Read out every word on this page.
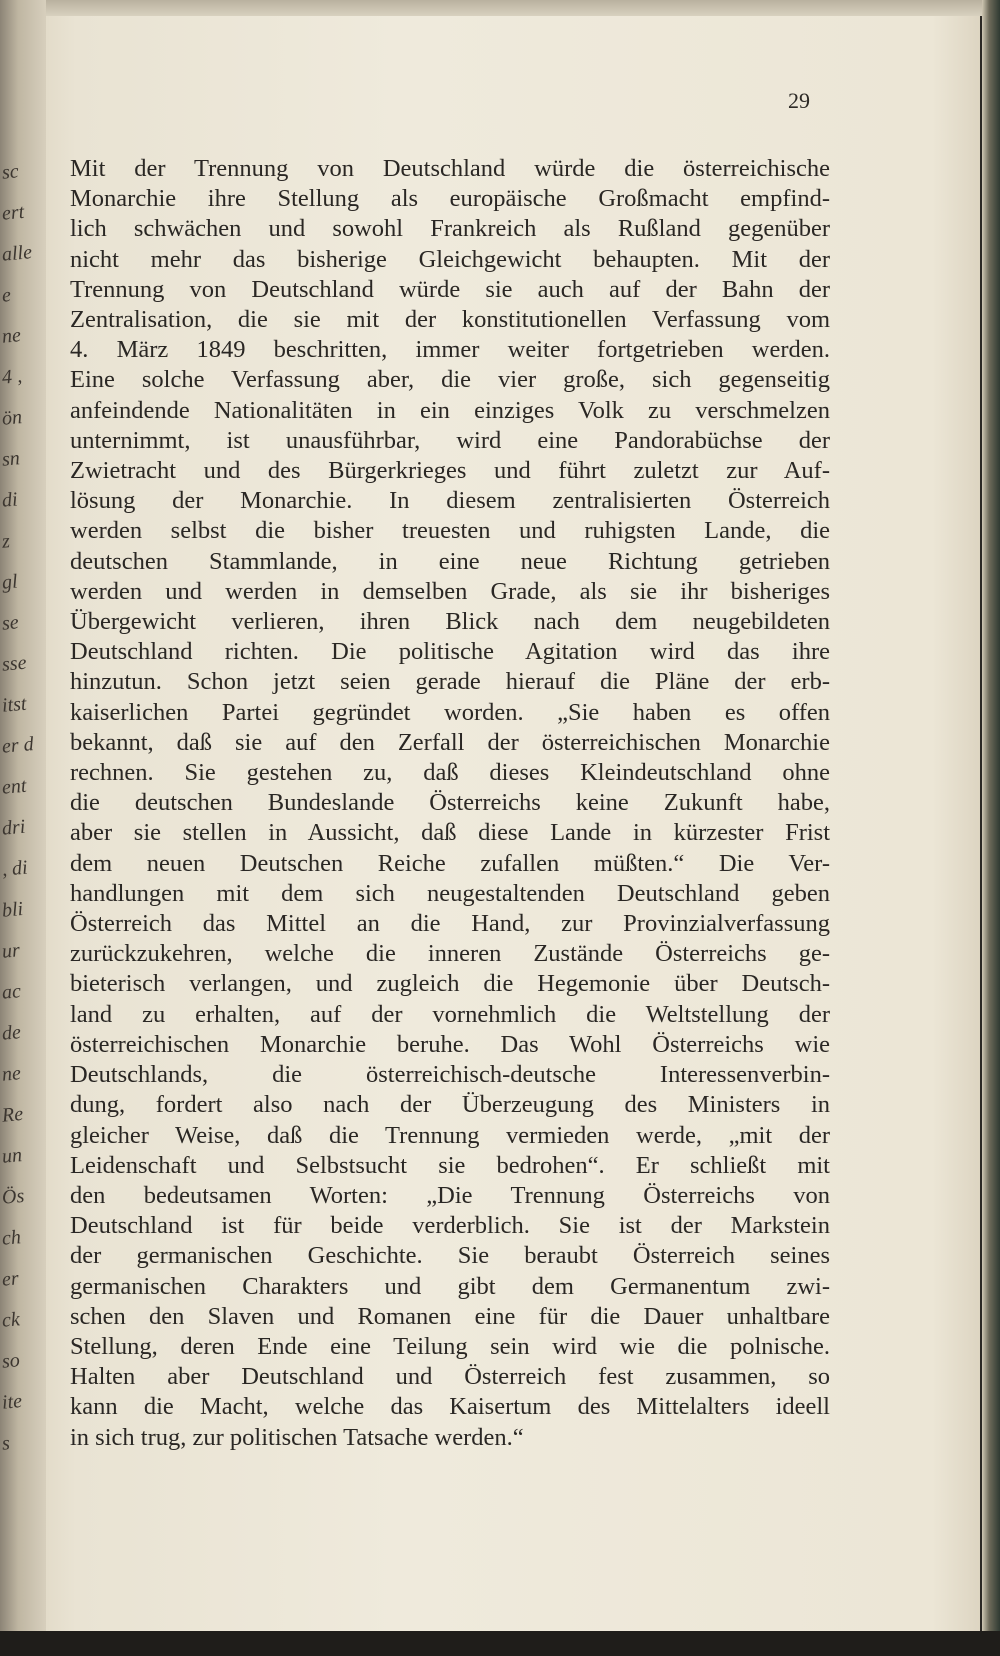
29
Mit der Trennung von Deutschland würde die österreichische
Monarchie ihre Stellung als europäische Großmacht empfind-
lich schwächen und sowohl Frankreich als Rußland gegenüber
nicht mehr das bisherige Gleichgewicht behaupten. Mit der
Trennung von Deutschland würde sie auch auf der Bahn der
Zentralisation, die sie mit der konstitutionellen Verfassung vom
4. März 1849 beschritten, immer weiter fortgetrieben werden.
Eine solche Verfassung aber, die vier große, sich gegenseitig
anfeindende Nationalitäten in ein einziges Volk zu verschmelzen
unternimmt, ist unausführbar, wird eine Pandorabüchse der
Zwietracht und des Bürgerkrieges und führt zuletzt zur Auf-
lösung der Monarchie. In diesem zentralisierten Österreich
werden selbst die bisher treuesten und ruhigsten Lande, die
deutschen Stammlande, in eine neue Richtung getrieben
werden und werden in demselben Grade, als sie ihr bisheriges
Übergewicht verlieren, ihren Blick nach dem neugebildeten
Deutschland richten. Die politische Agitation wird das ihre
hinzutun. Schon jetzt seien gerade hierauf die Pläne der erb-
kaiserlichen Partei gegründet worden. „Sie haben es offen
bekannt, daß sie auf den Zerfall der österreichischen Monarchie
rechnen. Sie gestehen zu, daß dieses Kleindeutschland ohne
die deutschen Bundeslande Österreichs keine Zukunft habe,
aber sie stellen in Aussicht, daß diese Lande in kürzester Frist
dem neuen Deutschen Reiche zufallen müßten.“ Die Ver-
handlungen mit dem sich neugestaltenden Deutschland geben
Österreich das Mittel an die Hand, zur Provinzialverfassung
zurückzukehren, welche die inneren Zustände Österreichs ge-
bieterisch verlangen, und zugleich die Hegemonie über Deutsch-
land zu erhalten, auf der vornehmlich die Weltstellung der
österreichischen Monarchie beruhe. Das Wohl Österreichs wie
Deutschlands, die österreichisch-deutsche Interessenverbin-
dung, fordert also nach der Überzeugung des Ministers in
gleicher Weise, daß die Trennung vermieden werde, „mit der
Leidenschaft und Selbstsucht sie bedrohen“. Er schließt mit
den bedeutsamen Worten: „Die Trennung Österreichs von
Deutschland ist für beide verderblich. Sie ist der Markstein
der germanischen Geschichte. Sie beraubt Österreich seines
germanischen Charakters und gibt dem Germanentum zwi-
schen den Slaven und Romanen eine für die Dauer unhaltbare
Stellung, deren Ende eine Teilung sein wird wie die polnische.
Halten aber Deutschland und Österreich fest zusammen, so
kann die Macht, welche das Kaisertum des Mittelalters ideell
in sich trug, zur politischen Tatsache werden.“
sc
ert
alle
e
ne
4 ,
ön
sn
di
z
gl
se
sse
itst
er d
ent
dri
, di
bli
ur
ac
de
ne
Re
un
Ös
ch
er
ck
so
ite
s
